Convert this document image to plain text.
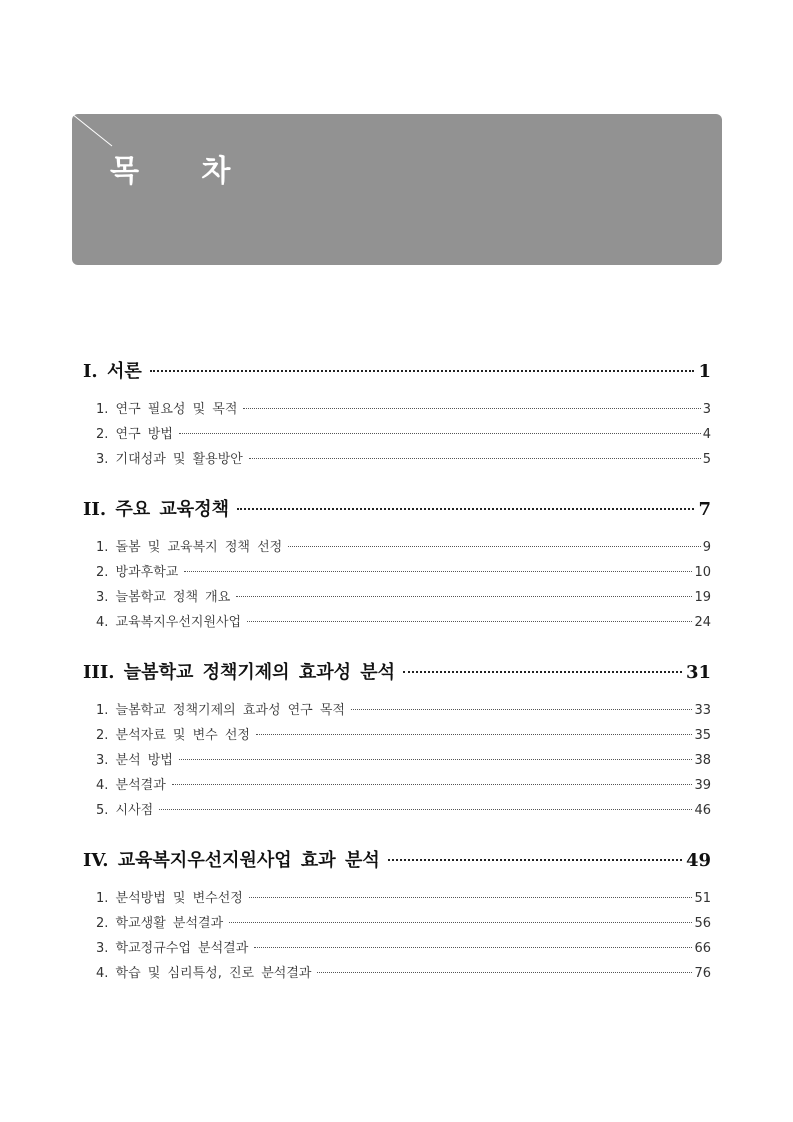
목 차
I. 서론	1
1. 연구 필요성 및 목적	3
2. 연구 방법	4
3. 기대성과 및 활용방안	5
II. 주요 교육정책	7
1. 돌봄 및 교육복지 정책 선정	9
2. 방과후학교	10
3. 늘봄학교 정책 개요	19
4. 교육복지우선지원사업	24
III. 늘봄학교 정책기제의 효과성 분석	31
1. 늘봄학교 정책기제의 효과성 연구 목적	33
2. 분석자료 및 변수 선정	35
3. 분석 방법	38
4. 분석결과	39
5. 시사점	46
IV. 교육복지우선지원사업 효과 분석	49
1. 분석방법 및 변수선정	51
2. 학교생활 분석결과	56
3. 학교정규수업 분석결과	66
4. 학습 및 심리특성, 진로 분석결과	76
